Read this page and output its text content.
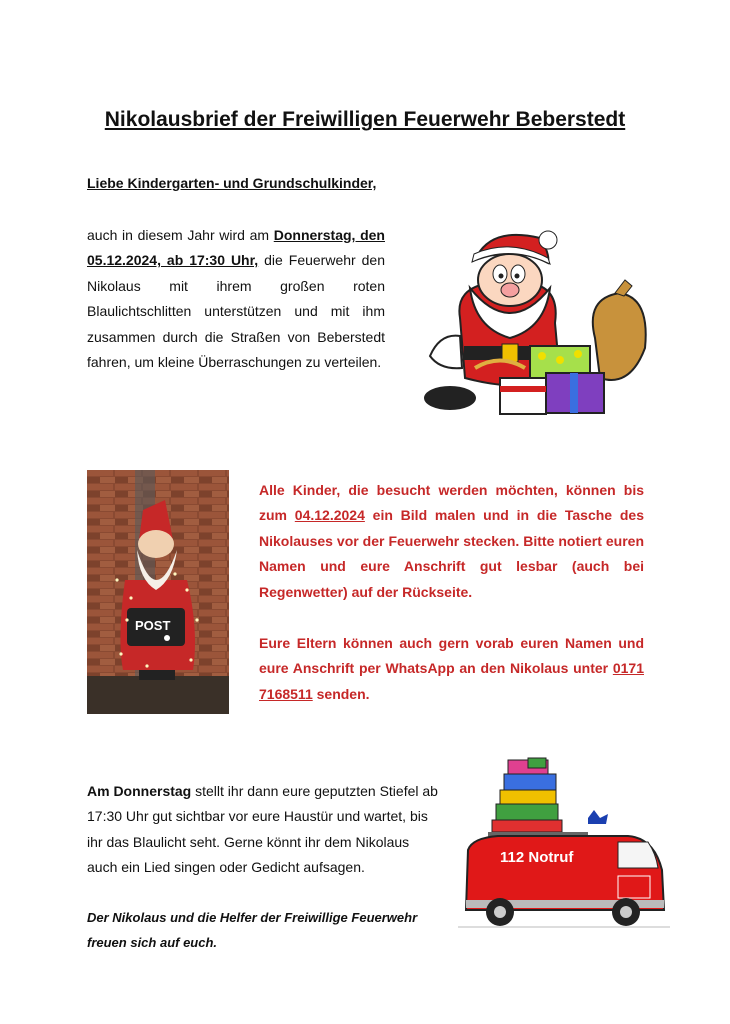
Nikolausbrief der Freiwilligen Feuerwehr Beberstedt
Liebe Kindergarten- und Grundschulkinder,
auch in diesem Jahr wird am Donnerstag, den 05.12.2024, ab 17:30 Uhr, die Feuerwehr den Nikolaus mit ihrem großen roten Blaulichtschlitten unterstützen und mit ihm zusammen durch die Straßen von Beberstedt fahren, um kleine Überraschungen zu verteilen.
POST

Alle Kinder, die besucht werden möchten, können bis zum 04.12.2024 ein Bild malen und in die Tasche des Nikolauses vor der Feuerwehr stecken. Bitte notiert euren Namen und eure Anschrift gut lesbar (auch bei Regenwetter) auf der Rückseite.

Eure Eltern können auch gern vorab euren Namen und eure Anschrift per WhatsApp an den Nikolaus unter 0171 7168511 senden.

Am Donnerstag stellt ihr dann eure geputzten Stiefel ab 17:30 Uhr gut sichtbar vor eure Haustür und wartet, bis ihr das Blaulicht seht. Gerne könnt ihr dem Nikolaus auch ein Lied singen oder Gedicht aufsagen.
112 Notruf
Der Nikolaus und die Helfer der Freiwillige Feuerwehr freuen sich auf euch.
